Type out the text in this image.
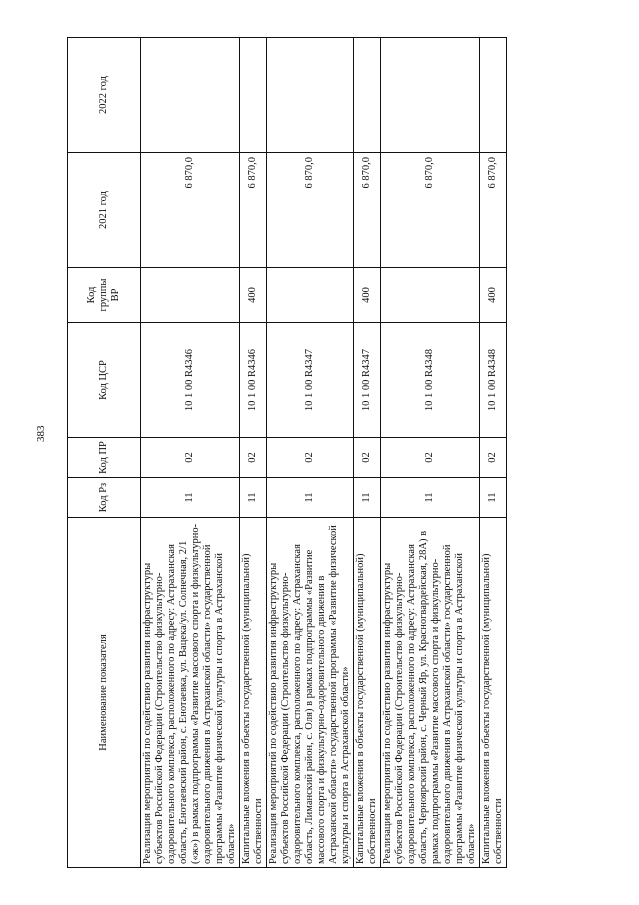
383
Наименование показателя	Код Рз	Код ПР	Код ЦСР	Код группы ВР	2021 год	2022 год
Реализация мероприятий по содействию развития инфраструктуры субъектов Российской Федерации (Строительство физкультурно-оздоровительного комплекса, расположенного по адресу: Астраханская область, Енотаевский район, с. Енотаевка, ул. Вацека/ул. Солнечная, 2/1 («ж») в рамках подпрограммы «Развитие массового спорта и физкультурно-оздоровительного движения в Астраханской области» государственной программы «Развитие физической культуры и спорта в Астраханской области»	11	02	10 1 00 R4346		6 870,0	
Капитальные вложения в объекты государственной (муниципальной) собственности	11	02	10 1 00 R4346	400	6 870,0	
Реализация мероприятий по содействию развития инфраструктуры субъектов Российской Федерации (Строительство физкультурно-оздоровительного комплекса, расположенного по адресу: Астраханская область, Лиманский район, с. Оля) в рамках подпрограммы «Развитие массового спорта и физкультурно-оздоровительного движения в Астраханской области» государственной программы «Развитие физической культуры и спорта в Астраханской области»	11	02	10 1 00 R4347		6 870,0	
Капитальные вложения в объекты государственной (муниципальной) собственности	11	02	10 1 00 R4347	400	6 870,0	
Реализация мероприятий по содействию развития инфраструктуры субъектов Российской Федерации (Строительство физкультурно-оздоровительного комплекса, расположенного по адресу: Астраханская область, Черноярский район, с. Черный Яр, ул. Красногвардейская, 28А) в рамках подпрограммы «Развитие массового спорта и физкультурно-оздоровительного движения в Астраханской области» государственной программы «Развитие физической культуры и спорта в Астраханской области»	11	02	10 1 00 R4348		6 870,0	
Капитальные вложения в объекты государственной (муниципальной) собственности	11	02	10 1 00 R4348	400	6 870,0	
